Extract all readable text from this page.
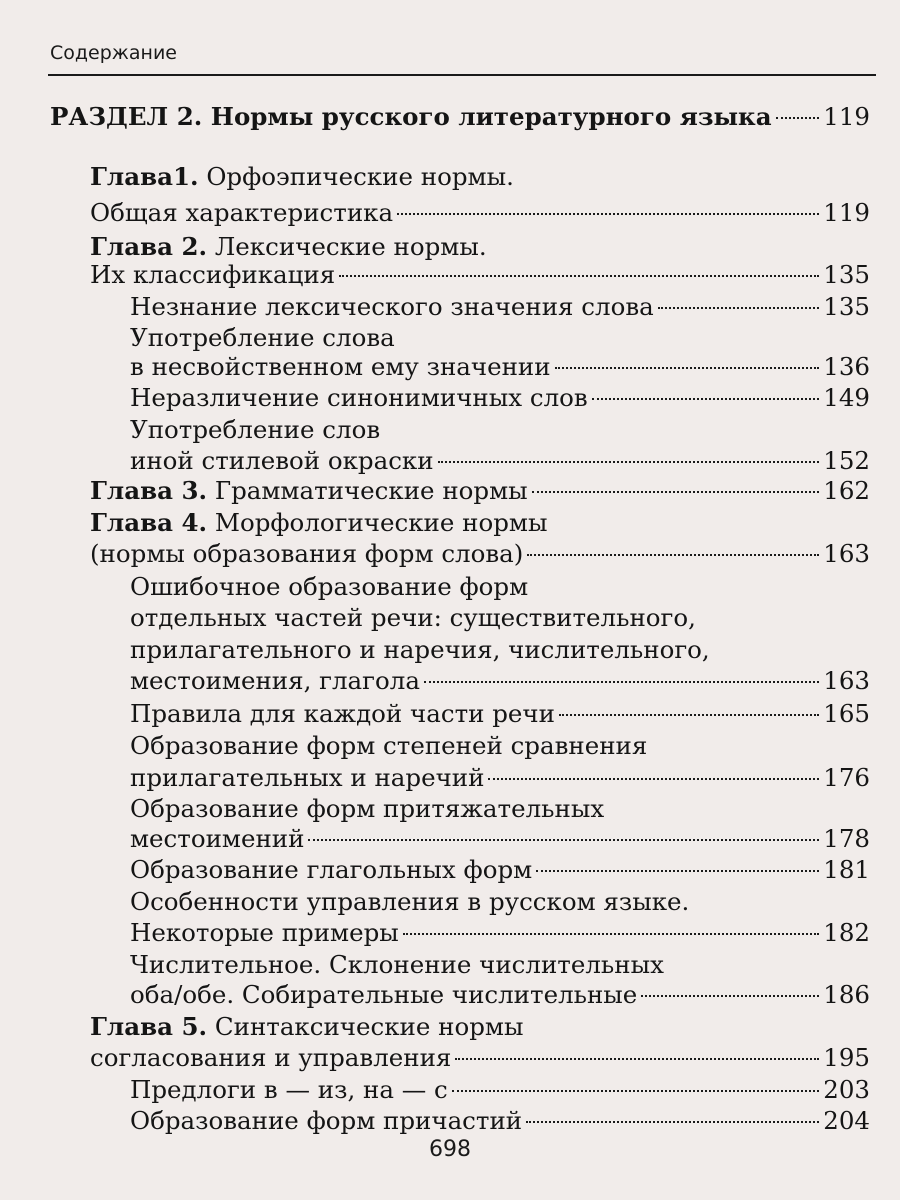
Содержание
РАЗДЕЛ 2. Нормы русского литературного языка 119
Глава1. Орфоэпические нормы.
Общая характеристика	119
Глава 2. Лексические нормы.
Их классификация	135
Незнание лексического значения слова	135
Употребление слова
в несвойственном ему значении	136
Неразличение синонимичных слов	149
Употребление слов
иной стилевой окраски	152
Глава 3. Грамматические нормы	162
Глава 4. Морфологические нормы
(нормы образования форм слова)	163
Ошибочное образование форм
отдельных частей речи: существительного,
прилагательного и наречия, числительного,
местоимения, глагола	163
Правила для каждой части речи	165
Образование форм степеней сравнения
прилагательных и наречий	176
Образование форм притяжательных
местоимений	178
Образование глагольных форм	181
Особенности управления в русском языке.
Некоторые примеры	182
Числительное. Склонение числительных
оба/обе. Собирательные числительные	186
Глава 5. Синтаксические нормы
согласования и управления	195
Предлоги в — из, на — с	203
Образование форм причастий	204
698
